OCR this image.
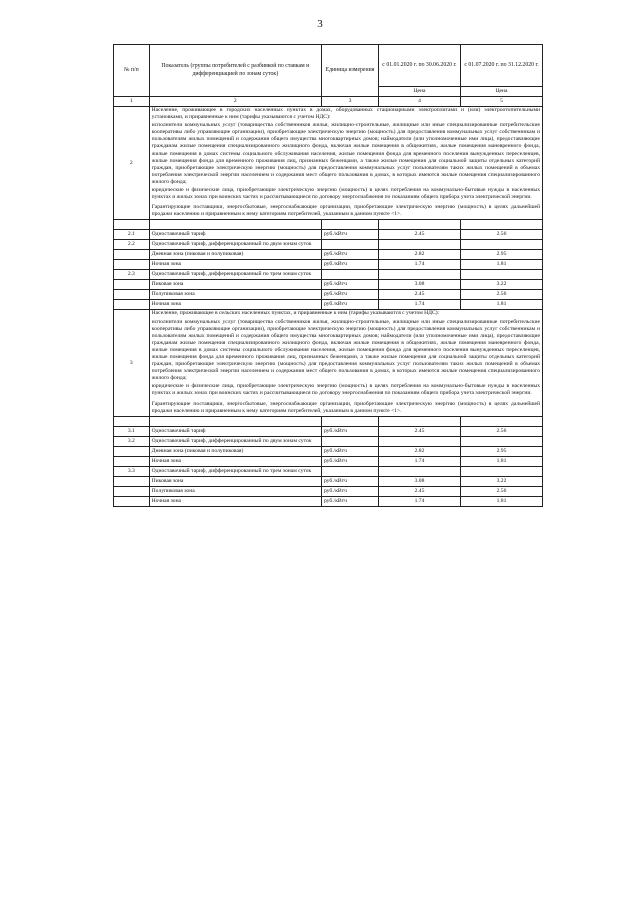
3
№ п/п	Показатель (группы потребителей с разбивкой по ставкам и дифференциацией по зонам суток)	Единица измерения	с 01.01.2020 г. по 30.06.2020 г.	с 01.07.2020 г. по 31.12.2020 г.
			Цена	Цена
1	2	3	4	5
2	Население, проживающее в городских населенных пунктах в домах, оборудованных стационарными электроплитами и (или) электроотопительными установками, и приравненные к ним (тарифы указываются с учетом НДС):

исполнители коммунальных услуг (товарищества собственников жилья, жилищно-строительные, жилищные или иные специализированные потребительские кооперативы либо управляющие организации), приобретающие электрическую энергию (мощность) для предоставления коммунальных услуг собственникам и пользователям жилых помещений и содержания общего имущества многоквартирных домов; наймодатели (или уполномоченные ими лица), предоставляющие гражданам жилые помещения специализированного жилищного фонда, включая жилые помещения в общежитиях, жилые помещения маневренного фонда, жилые помещения в домах системы социального обслуживания населения, жилые помещения фонда для временного поселения вынужденных переселенцев, жилые помещения фонда для временного проживания лиц, признанных беженцами, а также жилые помещения для социальной защиты отдельных категорий граждан, приобретающие электрическую энергию (мощность) для предоставления коммунальных услуг пользователям таких жилых помещений в объемах потребления электрической энергии населением и содержания мест общего пользования в домах, в которых имеются жилые помещения специализированного жилого фонда;

юридические и физические лица, приобретающие электрическую энергию (мощность) в целях потребления на коммунально-бытовые нужды в населенных пунктах и жилых зонах при воинских частях и рассчитывающиеся по договору энергоснабжения по показаниям общего прибора учета электрической энергии.

Гарантирующие поставщики, энергосбытовые, энергоснабжающие организации, приобретающие электрическую энергию (мощность) в целях дальнейшей продажи населению и приравненным к нему категориям потребителей, указанным в данном пункте <1>.			

2.1	Одноставочный тариф	руб./кВтч	2.45	2.56
2.2	Одноставочный тариф, дифференцированный по двум зонам суток			
	Дневная зона (пиковая и полупиковая)	руб./кВтч	2.82	2.95
	Ночная зона	руб./кВтч	1.74	1.81
2.3	Одноставочный тариф, дифференцированный по трем зонам суток			
	Пиковая зона	руб./кВтч	3.08	3.22
	Полупиковая зона	руб./кВтч	2.45	2.56
	Ночная зона	руб./кВтч	1.74	1.81
3	Население, проживающее в сельских населенных пунктах, и приравненные к ним (тарифы указываются с учетом НДС):

исполнители коммунальных услуг (товарищества собственников жилья, жилищно-строительные, жилищные или иные специализированные потребительские кооперативы либо управляющие организации), приобретающие электрическую энергию (мощность) для предоставления коммунальных услуг собственникам и пользователям жилых помещений и содержания общего имущества многоквартирных домов; наймодатели (или уполномоченные ими лица), предоставляющие гражданам жилые помещения специализированного жилищного фонда, включая жилые помещения в общежитиях, жилые помещения маневренного фонда, жилые помещения в домах системы социального обслуживания населения, жилые помещения фонда для временного поселения вынужденных переселенцев, жилые помещения фонда для временного проживания лиц, признанных беженцами, а также жилые помещения для социальной защиты отдельных категорий граждан, приобретающие электрическую энергию (мощность) для предоставления коммунальных услуг пользователям таких жилых помещений в объемах потребления электрической энергии населением и содержания мест общего пользования в домах, в которых имеются жилые помещения специализированного жилого фонда;

юридические и физические лица, приобретающие электрическую энергию (мощность) в целях потребления на коммунально-бытовые нужды в населенных пунктах и жилых зонах при воинских частях и рассчитывающиеся по договору энергоснабжения по показаниям общего прибора учета электрической энергии.

Гарантирующие поставщики, энергосбытовые, энергоснабжающие организации, приобретающие электрическую энергию (мощность) в целях дальнейшей продажи населению и приравненным к нему категориям потребителей, указанным в данном пункте <1>.			

3.1	Одноставочный тариф	руб./кВтч	2.45	2.56
3.2	Одноставочный тариф, дифференцированный по двум зонам суток			
	Дневная зона (пиковая и полупиковая)	руб./кВтч	2.82	2.95
	Ночная зона	руб./кВтч	1.74	1.81
3.3	Одноставочный тариф, дифференцированный по трем зонам суток			
	Пиковая зона	руб./кВтч	3.08	3.22
	Полупиковая зона	руб./кВтч	2.45	2.56
	Ночная зона	руб./кВтч	1.74	1.81
